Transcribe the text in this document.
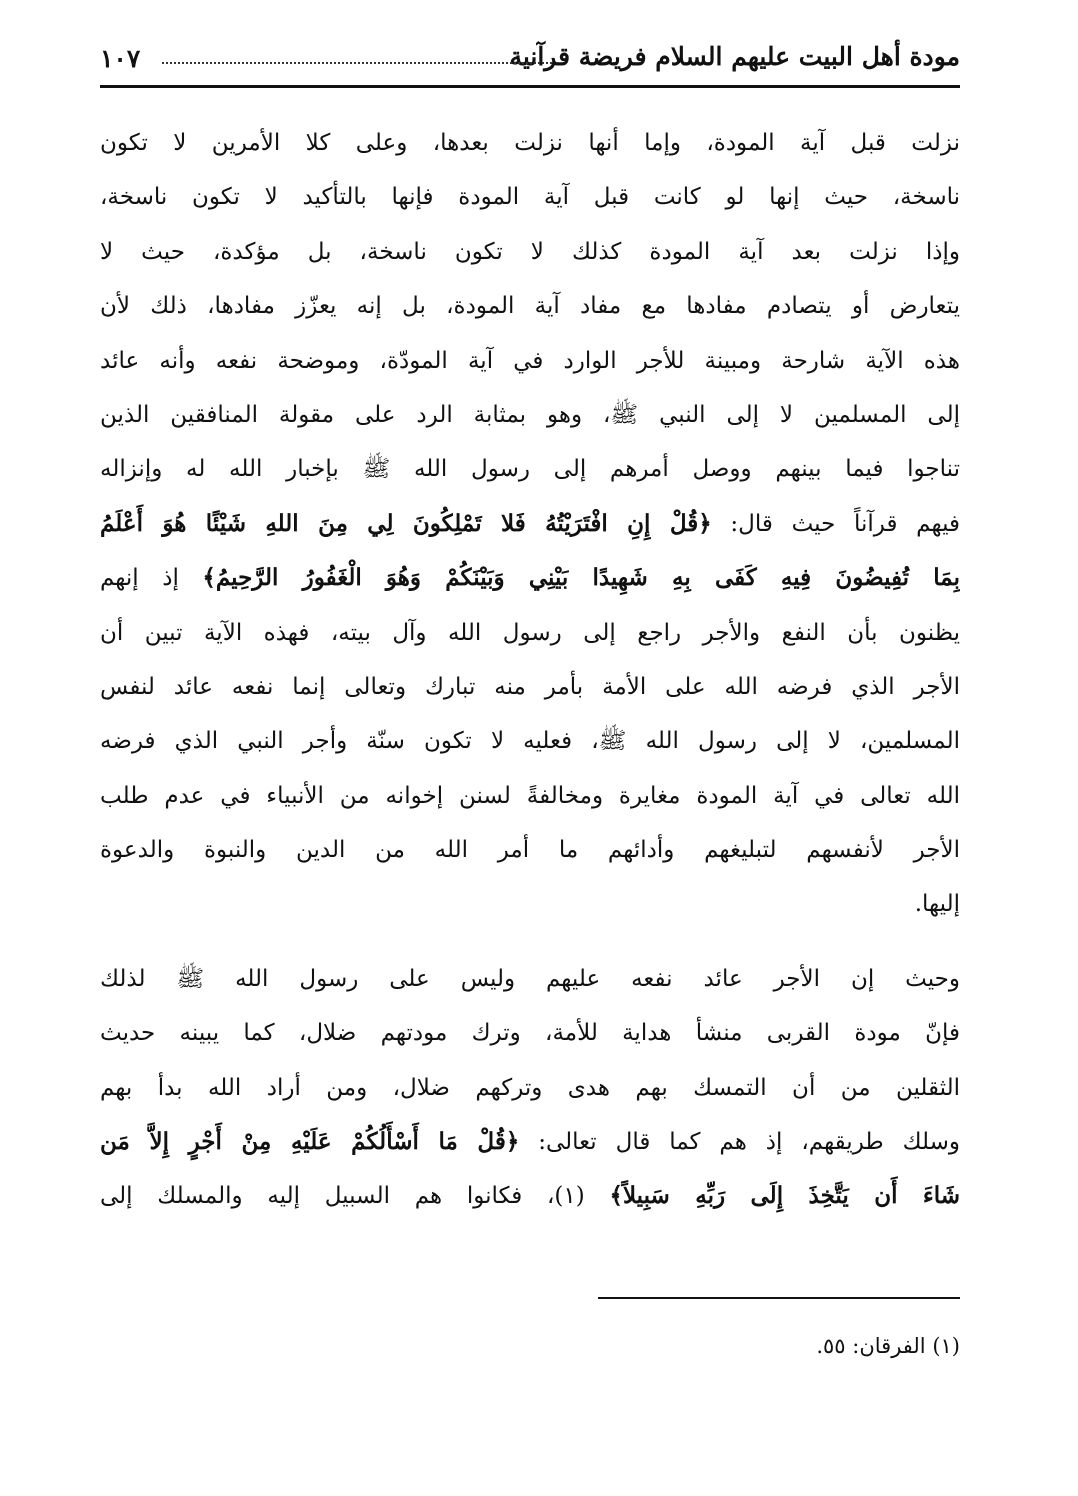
مودة أهل البيت عليهم السلام فريضة قرآنية
١٠٧
نزلت قبل آية المودة، وإما أنها نزلت بعدها، وعلى كلا الأمرين لا تكون
ناسخة، حيث إنها لو كانت قبل آية المودة فإنها بالتأكيد لا تكون ناسخة،
وإذا نزلت بعد آية المودة كذلك لا تكون ناسخة، بل مؤكدة، حيث لا
يتعارض أو يتصادم مفادها مع مفاد آية المودة، بل إنه يعزّز مفادها، ذلك لأن
هذه الآية شارحة ومبينة للأجر الوارد في آية المودّة، وموضحة نفعه وأنه عائد
إلى المسلمين لا إلى النبي ﷺ، وهو بمثابة الرد على مقولة المنافقين الذين
تناجوا فيما بينهم ووصل أمرهم إلى رسول الله ﷺ بإخبار الله له وإنزاله
فيهم قرآناً حيث قال: ﴿قُلْ إِنِ افْتَرَيْتُهُ فَلا تَمْلِكُونَ لِي مِنَ اللهِ شَيْئًا هُوَ أَعْلَمُ
بِمَا تُفِيضُونَ فِيهِ كَفَى بِهِ شَهِيدًا بَيْنِي وَبَيْنَكُمْ وَهُوَ الْغَفُورُ الرَّحِيمُ﴾ إذ إنهم
يظنون بأن النفع والأجر راجع إلى رسول الله وآل بيته، فهذه الآية تبين أن
الأجر الذي فرضه الله على الأمة بأمر منه تبارك وتعالى إنما نفعه عائد لنفس
المسلمين، لا إلى رسول الله ﷺ، فعليه لا تكون سنّة وأجر النبي الذي فرضه
الله تعالى في آية المودة مغايرة ومخالفةً لسنن إخوانه من الأنبياء في عدم طلب
الأجر لأنفسهم لتبليغهم وأدائهم ما أمر الله من الدين والنبوة والدعوة
إليها.
وحيث إن الأجر عائد نفعه عليهم وليس على رسول الله ﷺ لذلك
فإنّ مودة القربى منشأ هداية للأمة، وترك مودتهم ضلال، كما يبينه حديث
الثقلين من أن التمسك بهم هدى وتركهم ضلال، ومن أراد الله بدأ بهم
وسلك طريقهم، إذ هم كما قال تعالى: ﴿قُلْ مَا أَسْأَلُكُمْ عَلَيْهِ مِنْ أَجْرٍ إِلاَّ مَن
شَاءَ أَن يَتَّخِذَ إِلَى رَبِّهِ سَبِيلاً﴾ (١)، فكانوا هم السبيل إليه والمسلك إلى
(١) الفرقان: ٥٥.
